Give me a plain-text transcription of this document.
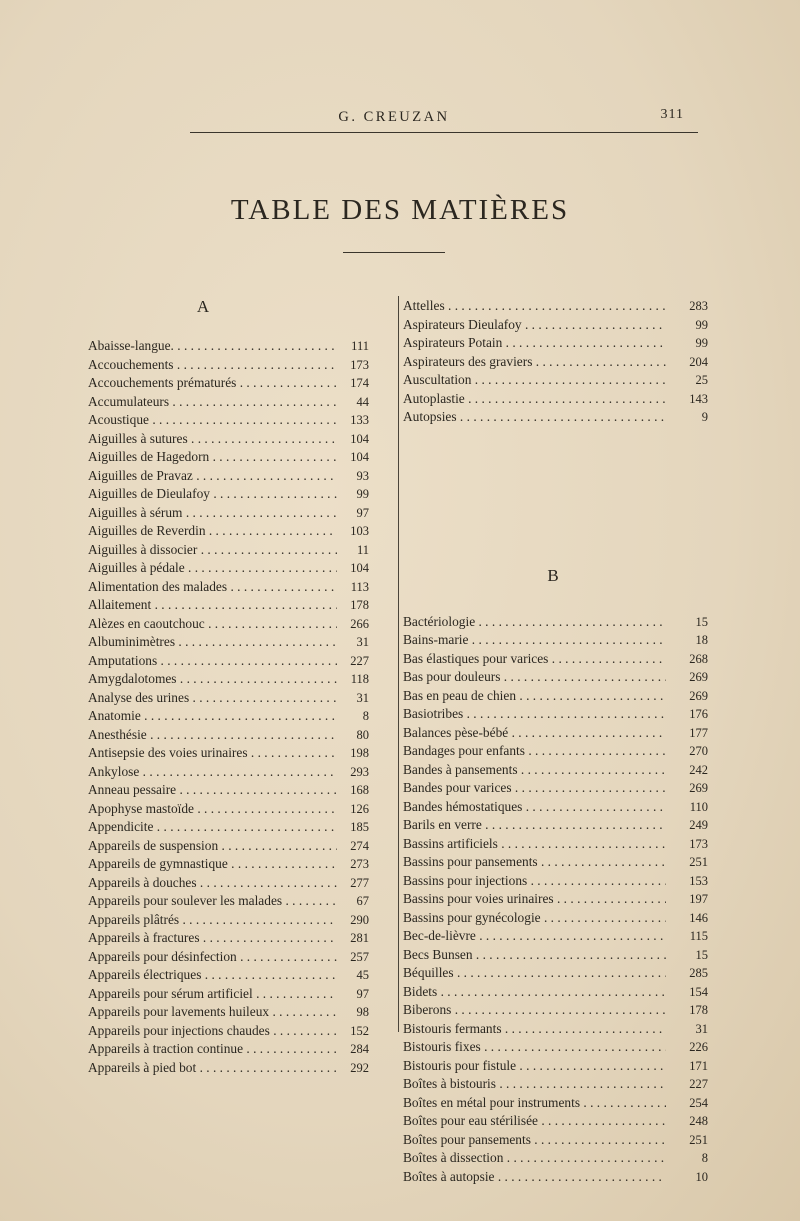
G. CREUZAN	311
TABLE DES MATIÈRES
A
Abaisse-langue. . . .	111
Accouchements . . .	173
Accouchements prématurés . . .	174
Accumulateurs . . .	44
Acoustique . . .	133
Aiguilles à sutures . . .	104
Aiguilles de Hagedorn . . .	104
Aiguilles de Pravaz . . .	93
Aiguilles de Dieulafoy . . .	99
Aiguilles à sérum . . .	97
Aiguilles de Reverdin . . .	103
Aiguilles à dissocier . . .	11
Aiguilles à pédale . . .	104
Alimentation des malades . . .	113
Allaitement . . .	178
Alèzes en caoutchouc . . .	266
Albuminimètres . . .	31
Amputations . . .	227
Amygdalotomes . . .	118
Analyse des urines . . .	31
Anatomie . . .	8
Anesthésie . . .	80
Antisepsie des voies urinaires . . .	198
Ankylose . . .	293
Anneau pessaire . . .	168
Apophyse mastoïde . . .	126
Appendicite . . .	185
Appareils de suspension . . .	274
Appareils de gymnastique . . .	273
Appareils à douches . . .	277
Appareils pour soulever les malades . . .	67
Appareils plâtrés . . .	290
Appareils à fractures . . .	281
Appareils pour désinfection . . .	257
Appareils électriques . . .	45
Appareils pour sérum artificiel . . .	97
Appareils pour lavements huileux . . .	98
Appareils pour injections chaudes . . .	152
Appareils à traction continue . . .	284
Appareils à pied bot . . .	292
Attelles . . .	283
Aspirateurs Dieulafoy . . .	99
Aspirateurs Potain . . .	99
Aspirateurs des graviers . . .	204
Auscultation . . .	25
Autoplastie . . .	143
Autopsies . . .	9
B
Bactériologie . . .	15
Bains-marie . . .	18
Bas élastiques pour varices . . .	268
Bas pour douleurs . . .	269
Bas en peau de chien . . .	269
Basiotribes . . .	176
Balances pèse-bébé . . .	177
Bandages pour enfants . . .	270
Bandes à pansements . . .	242
Bandes pour varices . . .	269
Bandes hémostatiques . . .	110
Barils en verre . . .	249
Bassins artificiels . . .	173
Bassins pour pansements . . .	251
Bassins pour injections . . .	153
Bassins pour voies urinaires . . .	197
Bassins pour gynécologie . . .	146
Bec-de-lièvre . . .	115
Becs Bunsen . . .	15
Béquilles . . .	285
Bidets . . .	154
Biberons . . .	178
Bistouris fermants . . .	31
Bistouris fixes . . .	226
Bistouris pour fistule . . .	171
Boîtes à bistouris . . .	227
Boîtes en métal pour instruments . . .	254
Boîtes pour eau stérilisée . . .	248
Boîtes pour pansements . . .	251
Boîtes à dissection . . .	8
Boîtes à autopsie . . .	10
